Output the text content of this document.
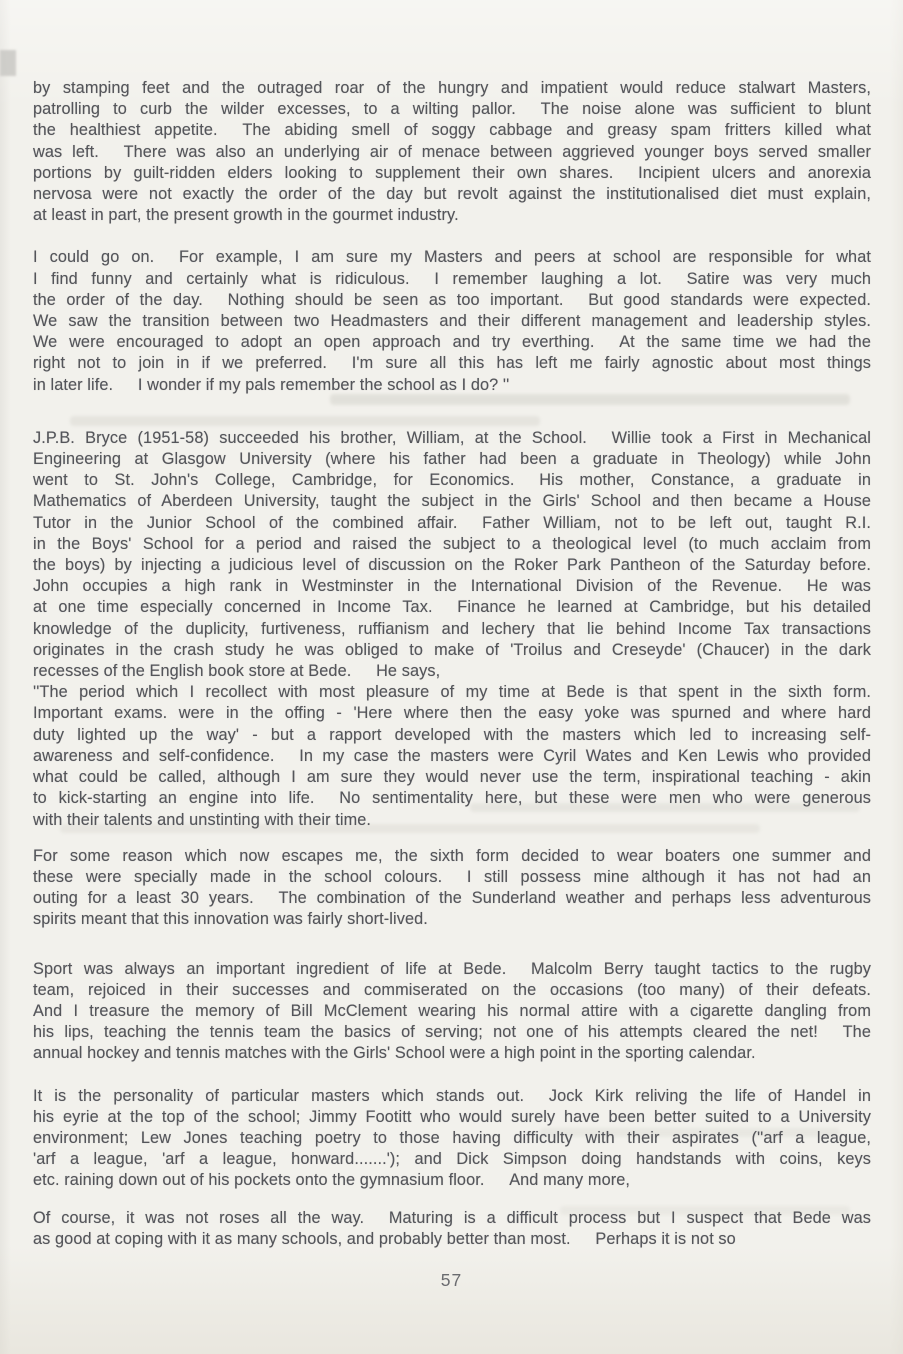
by stamping feet and the outraged roar of the hungry and impatient would reduce stalwart Masters,
patrolling to curb the wilder excesses, to a wilting pallor.   The noise alone was sufficient to blunt
the healthiest appetite.   The abiding smell of soggy cabbage and greasy spam fritters killed what
was left.   There was also an underlying air of menace between aggrieved younger boys served smaller
portions by guilt-ridden elders looking to supplement their own shares.   Incipient ulcers and anorexia
nervosa were not exactly the order of the day but revolt against the institutionalised diet must explain,
at least in part, the present growth in the gourmet industry.
I could go on.   For example, I am sure my Masters and peers at school are responsible for what
I find funny and certainly what is ridiculous.   I remember laughing a lot.   Satire was very much
the order of the day.   Nothing should be seen as too important.   But good standards were expected.
We saw the transition between two Headmasters and their different management and leadership styles.
We were encouraged to adopt an open approach and try everthing.   At the same time we had the
right not to join in if we preferred.   I'm sure all this has left me fairly agnostic about most things
in later life.   I wonder if my pals remember the school as I do? ''
J.P.B. Bryce (1951-58) succeeded his brother, William, at the School.   Willie took a First in Mechanical
Engineering at Glasgow University (where his father had been a graduate in Theology) while John
went to St. John's College, Cambridge, for Economics.   His mother, Constance, a graduate in
Mathematics of Aberdeen University, taught the subject in the Girls' School and then became a House
Tutor in the Junior School of the combined affair.   Father William, not to be left out, taught R.I.
in the Boys' School for a period and raised the subject to a theological level (to much acclaim from
the boys) by injecting a judicious level of discussion on the Roker Park Pantheon of the Saturday before.
John occupies a high rank in Westminster in the International Division of the Revenue.   He was
at one time especially concerned in Income Tax.   Finance he learned at Cambridge, but his detailed
knowledge of the duplicity, furtiveness, ruffianism and lechery that lie behind Income Tax transactions
originates in the crash study he was obliged to make of 'Troilus and Creseyde' (Chaucer) in the dark
recesses of the English book store at Bede.   He says,
''The period which I recollect with most pleasure of my time at Bede is that spent in the sixth form.
Important exams. were in the offing - 'Here where then the easy yoke was spurned and where hard
duty lighted up the way' - but a rapport developed with the masters which led to increasing self-
awareness and self-confidence.   In my case the masters were Cyril Wates and Ken Lewis who provided
what could be called, although I am sure they would never use the term, inspirational teaching - akin
to kick-starting an engine into life.   No sentimentality here, but these were men who were generous
with their talents and unstinting with their time.
For some reason which now escapes me, the sixth form decided to wear boaters one summer and
these were specially made in the school colours.   I still possess mine although it has not had an
outing for a least 30 years.   The combination of the Sunderland weather and perhaps less adventurous
spirits meant that this innovation was fairly short-lived.
Sport was always an important ingredient of life at Bede.   Malcolm Berry taught tactics to the rugby
team, rejoiced in their successes and commiserated on the occasions (too many) of their defeats.
And I treasure the memory of Bill McClement wearing his normal attire with a cigarette dangling from
his lips, teaching the tennis team the basics of serving; not one of his attempts cleared the net!   The
annual hockey and tennis matches with the Girls' School were a high point in the sporting calendar.
It is the personality of particular masters which stands out.   Jock Kirk reliving the life of Handel in
his eyrie at the top of the school; Jimmy Footitt who would surely have been better suited to a University
environment; Lew Jones teaching poetry to those having difficulty with their aspirates (''arf a league,
'arf a league, 'arf a league, honward.......'); and Dick Simpson doing handstands with coins, keys
etc. raining down out of his pockets onto the gymnasium floor.   And many more,
Of course, it was not roses all the way.   Maturing is a difficult process but I suspect that Bede was
as good at coping with it as many schools, and probably better than most.   Perhaps it is not so
57
